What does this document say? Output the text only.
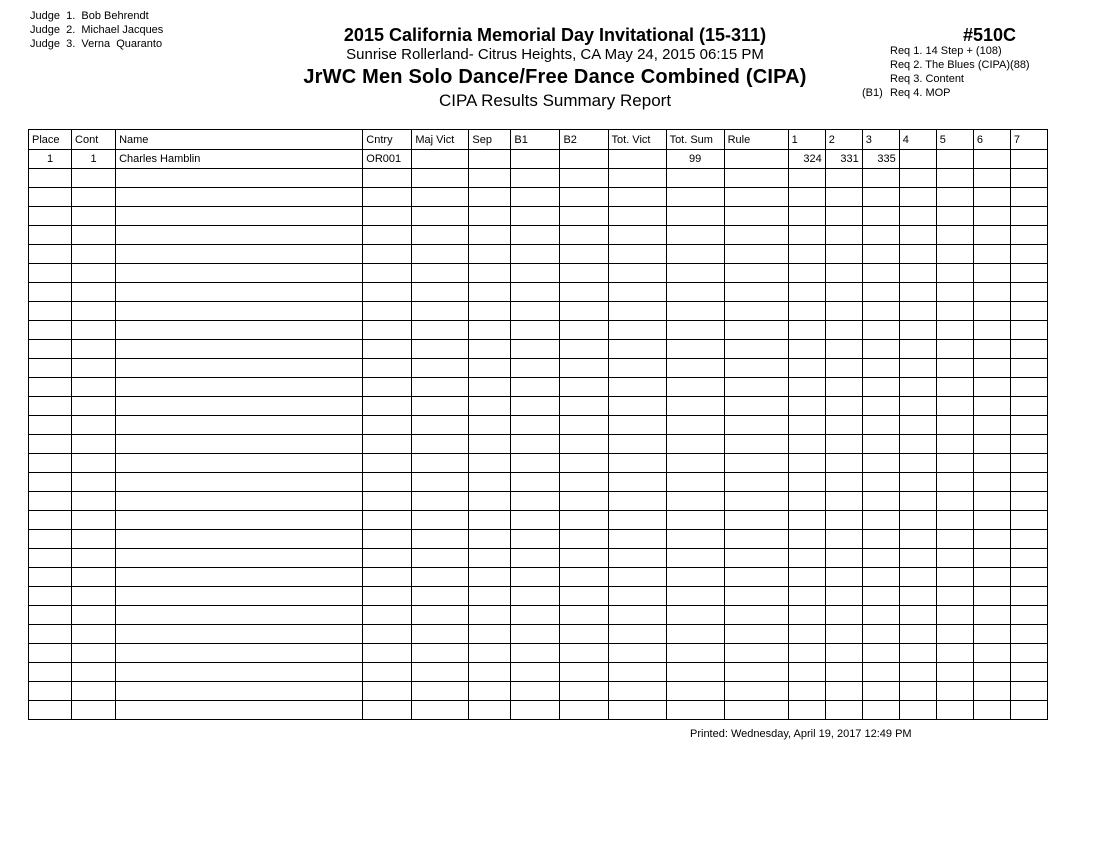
Judge  1.  Bob Behrendt
Judge  2.  Michael Jacques
Judge  3.  Verna  Quaranto	2015 California Memorial Day Invitational (15-311)
Sunrise Rollerland- Citrus Heights, CA May 24, 2015 06:15 PM
JrWC Men Solo Dance/Free Dance Combined (CIPA)
CIPA Results Summary Report
#510C
Req 1. 14 Step + (108)
Req 2. The Blues (CIPA)(88)
Req 3. Content
(B1) Req 4. MOP
Place	Cont	Name	Cntry	Maj Vict	Sep	B1	B2	Tot. Vict	Tot. Sum	Rule	1	2	3	4	5	6	7
1	1	Charles Hamblin	OR001						99		324	331	335				

Printed: Wednesday, April 19, 2017 12:49 PM
